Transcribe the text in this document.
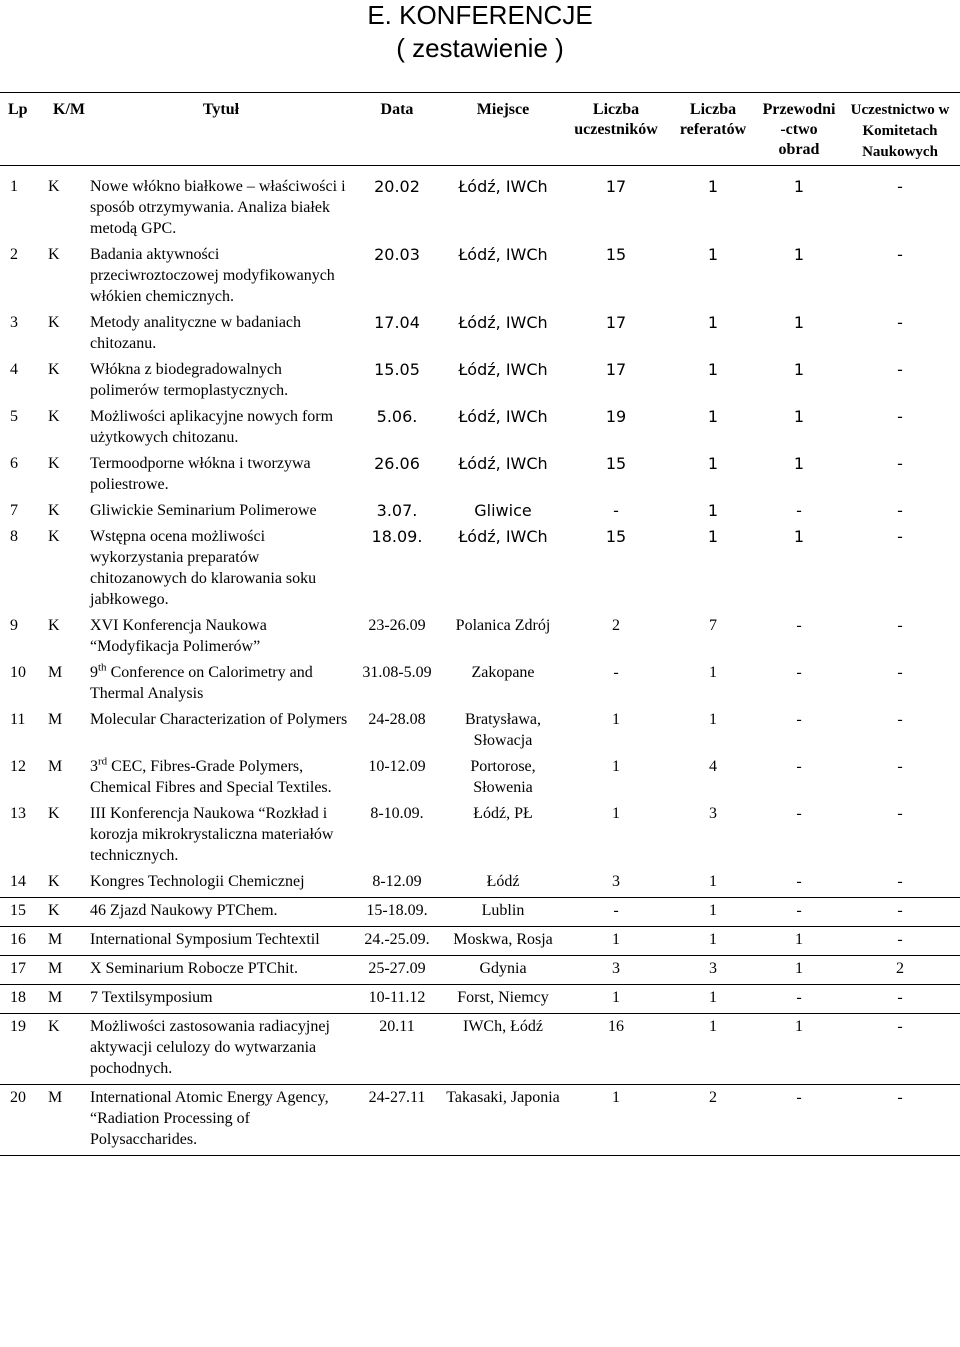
E. KONFERENCJE
( zestawienie )
Lp	K/M	Tytuł	Data	Miejsce	Liczba uczestników	Liczba referatów	Przewodni -ctwo obrad	Uczestnictwo w Komitetach Naukowych

1	K	Nowe włókno białkowe – właściwości i sposób otrzymywania. Analiza białek metodą GPC.	20.02	Łódź, IWCh	17	1	1	-
2	K	Badania aktywności przeciwroztoczowej modyfikowanych włókien chemicznych.	20.03	Łódź, IWCh	15	1	1	-
3	K	Metody analityczne w badaniach chitozanu.	17.04	Łódź, IWCh	17	1	1	-
4	K	Włókna z biodegradowalnych polimerów termoplastycznych.	15.05	Łódź, IWCh	17	1	1	-
5	K	Możliwości aplikacyjne nowych form użytkowych chitozanu.	5.06.	Łódź, IWCh	19	1	1	-
6	K	Termoodporne włókna i tworzywa poliestrowe.	26.06	Łódź, IWCh	15	1	1	-
7	K	Gliwickie Seminarium Polimerowe	3.07.	Gliwice	-	1	-	-
8	K	Wstępna ocena możliwości wykorzystania preparatów chitozanowych do klarowania soku jabłkowego.	18.09.	Łódź, IWCh	15	1	1	-
9	K	XVI Konferencja Naukowa “Modyfikacja Polimerów”	23-26.09	Polanica Zdrój	2	7	-	-
10	M	9th Conference on Calorimetry and Thermal Analysis	31.08-5.09	Zakopane	-	1	-	-
11	M	Molecular Characterization of Polymers	24-28.08	Bratysława, Słowacja	1	1	-	-
12	M	3rd CEC, Fibres-Grade Polymers, Chemical Fibres and Special Textiles.	10-12.09	Portorose, Słowenia	1	4	-	-
13	K	III Konferencja Naukowa “Rozkład i korozja mikrokrystaliczna materiałów technicznych.	8-10.09.	Łódź, PŁ	1	3	-	-
14	K	Kongres Technologii Chemicznej	8-12.09	Łódź	3	1	-	-
15	K	46 Zjazd Naukowy PTChem.	15-18.09.	Lublin	-	1	-	-
16	M	International Symposium Techtextil	24.-25.09.	Moskwa, Rosja	1	1	1	-
17	M	X Seminarium Robocze PTChit.	25-27.09	Gdynia	3	3	1	2
18	M	7 Textilsymposium	10-11.12	Forst, Niemcy	1	1	-	-
19	K	Możliwości zastosowania radiacyjnej aktywacji celulozy do wytwarzania pochodnych.	20.11	IWCh, Łódź	16	1	1	-
20	M	International Atomic Energy Agency, “Radiation Processing of Polysaccharides.	24-27.11	Takasaki, Japonia	1	2	-	-
